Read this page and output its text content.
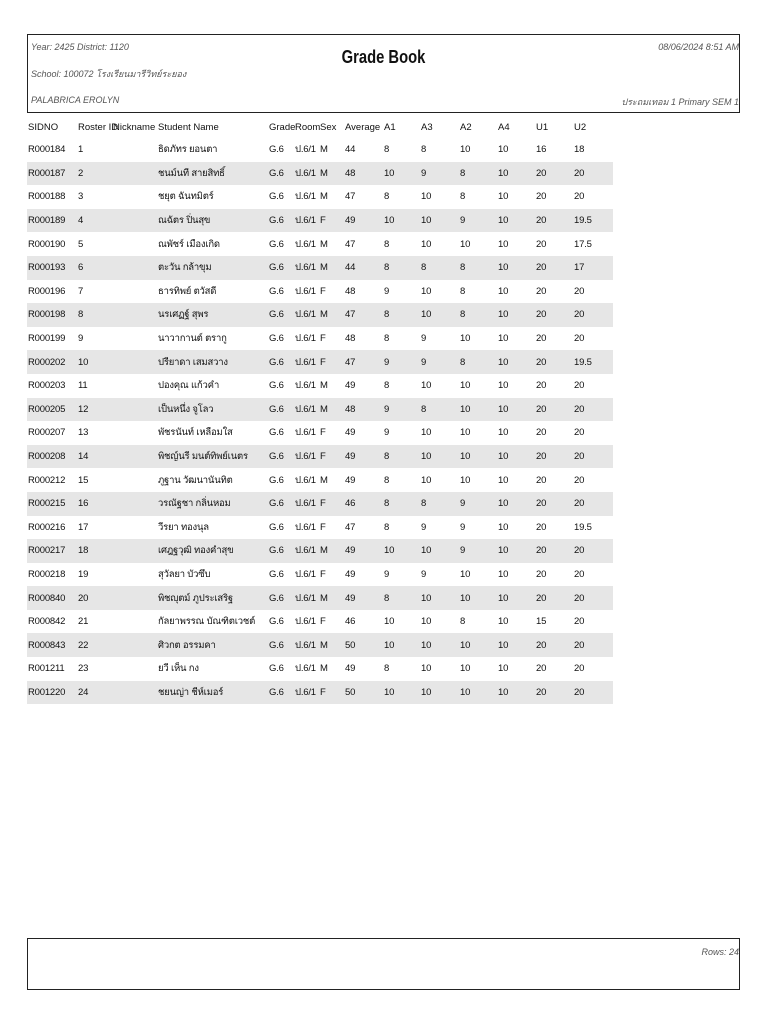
Year: 2425 District: 1120
School: 100072 โรงเรียนมารีวิทย์ระยอง
PALABRICA EROLYN
Grade Book	08/06/2024 8:51 AM
ประถมเทอม 1 Primary SEM 1
SIDNO	Roster ID	Nickname	Student Name	Grade	Room	Sex	Average	A1	A3	A2	A4	U1	U2
R000184	1		ธิดภัทร ยอนตา	G.6	ป.6/1	M	44	8	8	10	10	16	18
R000187	2		ชนม์นที สายสิทธิ์	G.6	ป.6/1	M	48	10	9	8	10	20	20
R000188	3		ชยุต ฉันทมิตร์	G.6	ป.6/1	M	47	8	10	8	10	20	20
R000189	4		ณฉัตร ปิ่นสุข	G.6	ป.6/1	F	49	10	10	9	10	20	19.5
R000190	5		ณพัชร์ เมืองเกิด	G.6	ป.6/1	M	47	8	10	10	10	20	17.5
R000193	6		ตะวัน กล้าขุม	G.6	ป.6/1	M	44	8	8	8	10	20	17
R000196	7		ธารทิพย์ ตวัสดี	G.6	ป.6/1	F	48	9	10	8	10	20	20
R000198	8		นรเศฏฐ์ สุพร	G.6	ป.6/1	M	47	8	10	8	10	20	20
R000199	9		นาวากานต์ ตรากู	G.6	ป.6/1	F	48	8	9	10	10	20	20
R000202	10		ปรียาดา เสมสวาง	G.6	ป.6/1	F	47	9	9	8	10	20	19.5
R000203	11		ปองคุณ แก้วคำ	G.6	ป.6/1	M	49	8	10	10	10	20	20
R000205	12		เป็นหนึ่ง จูโลว	G.6	ป.6/1	M	48	9	8	10	10	20	20
R000207	13		พัชรนันท์ เหลือมใส	G.6	ป.6/1	F	49	9	10	10	10	20	20
R000208	14		พิชญ์นรี มนต์ทิพย์เนตร	G.6	ป.6/1	F	49	8	10	10	10	20	20
R000212	15		ภูฐาน วัฒนานันทิต	G.6	ป.6/1	M	49	8	10	10	10	20	20
R000215	16		วรณัฐชา กลิ่นหอม	G.6	ป.6/1	F	46	8	8	9	10	20	20
R000216	17		วีรยา ทองนุล	G.6	ป.6/1	F	47	8	9	9	10	20	19.5
R000217	18		เศฎฐวุฒิ ทองคำสุข	G.6	ป.6/1	M	49	10	10	9	10	20	20
R000218	19		สุวัลยา บัวซึบ	G.6	ป.6/1	F	49	9	9	10	10	20	20
R000840	20		พิชญุตม์ ภูประเสริฐ	G.6	ป.6/1	M	49	8	10	10	10	20	20
R000842	21		กัลยาพรรณ บัณฑิตเวชต์	G.6	ป.6/1	F	46	10	10	8	10	15	20
R000843	22		ศิวกต อรรมคา	G.6	ป.6/1	M	50	10	10	10	10	20	20
R001211	23		ยวี เห็น กง	G.6	ป.6/1	M	49	8	10	10	10	20	20
R001220	24		ชยนญ่า ชีห์เมอร์	G.6	ป.6/1	F	50	10	10	10	10	20	20
Rows: 24
